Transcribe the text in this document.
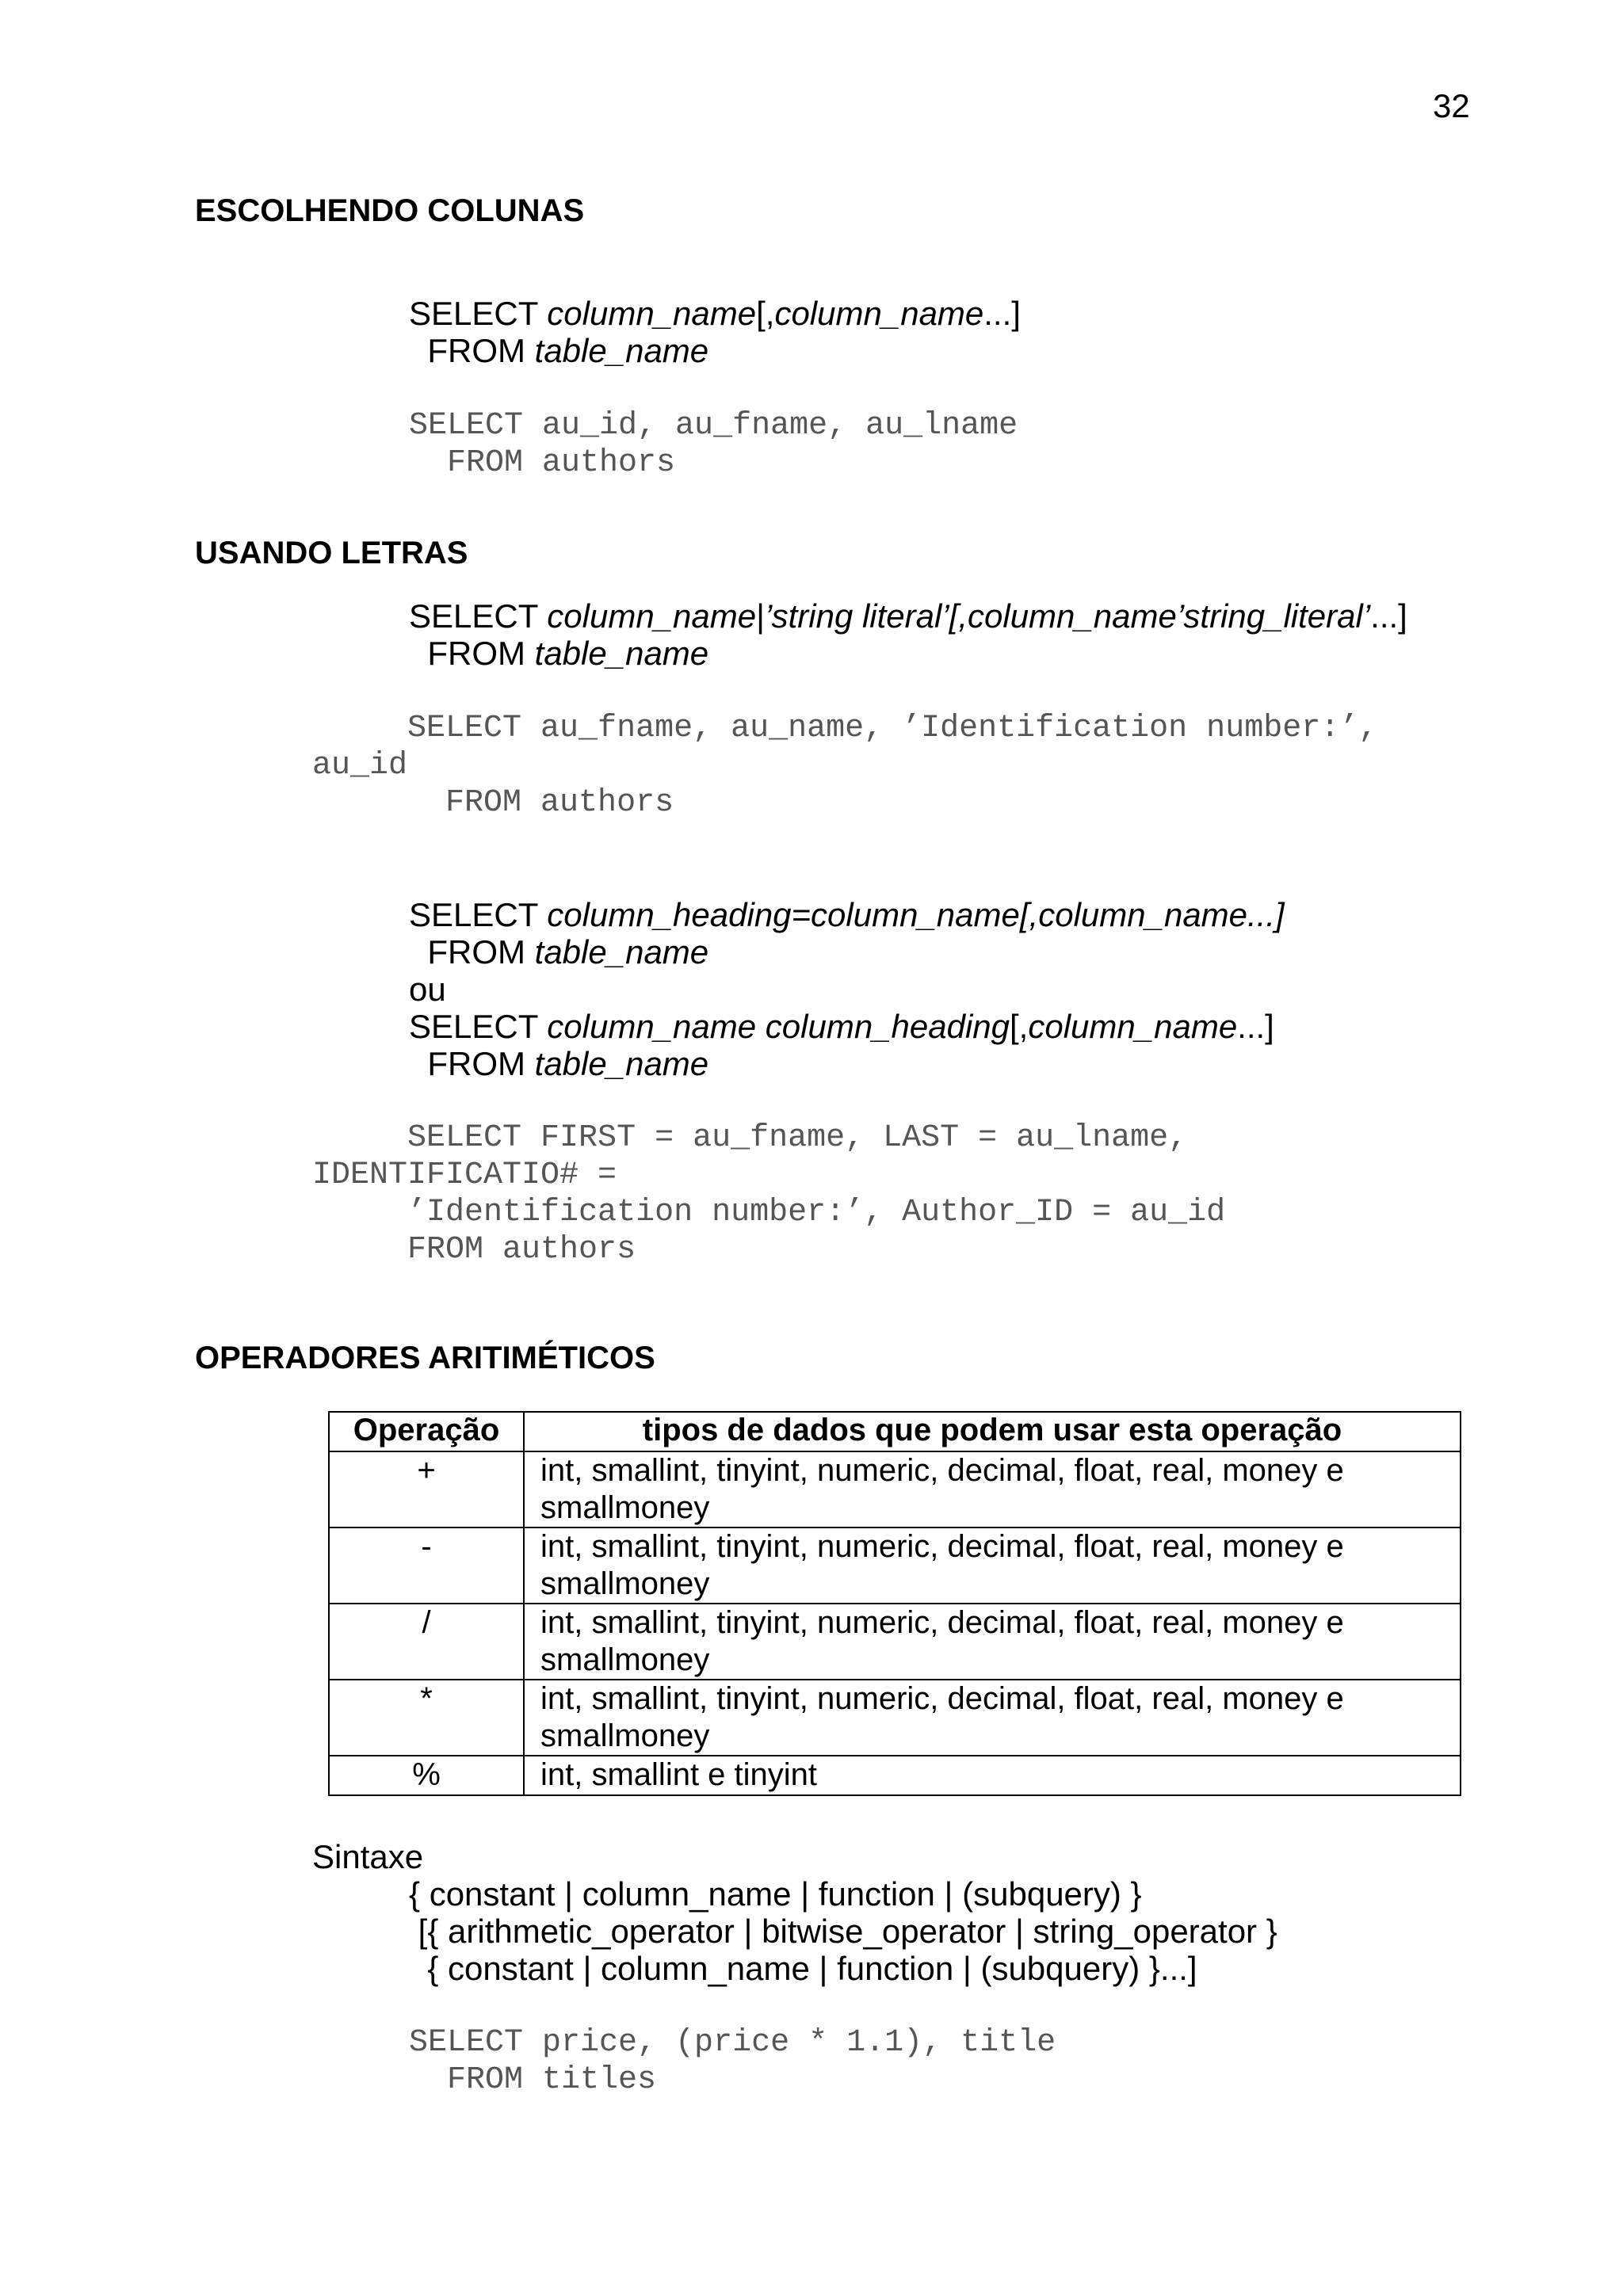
32
ESCOLHENDO COLUNAS
SELECT column_name[,column_name...]
FROM table_name
SELECT au_id, au_fname, au_lname
FROM authors
USANDO LETRAS
SELECT column_name|’string literal’[,column_name’string_literal’...]
FROM table_name
SELECT au_fname, au_name, ’Identification number:’,
au_id
FROM authors
SELECT column_heading=column_name[,column_name...]
FROM table_name
ou
SELECT column_name column_heading[,column_name...]
FROM table_name
SELECT FIRST = au_fname, LAST = au_lname,
IDENTIFICATIO# =
’Identification number:’, Author_ID = au_id
FROM authors
OPERADORES ARITIMÉTICOS
Operação	tipos de dados que podem usar esta operação
+	int, smallint, tinyint, numeric, decimal, float, real, money e smallmoney
-	int, smallint, tinyint, numeric, decimal, float, real, money e smallmoney
/	int, smallint, tinyint, numeric, decimal, float, real, money e smallmoney
*	int, smallint, tinyint, numeric, decimal, float, real, money e smallmoney
%	int, smallint e tinyint
Sintaxe
{ constant | column_name | function | (subquery) }
[{ arithmetic_operator | bitwise_operator | string_operator }
{ constant | column_name | function | (subquery) }...]
SELECT price, (price * 1.1), title
FROM titles
